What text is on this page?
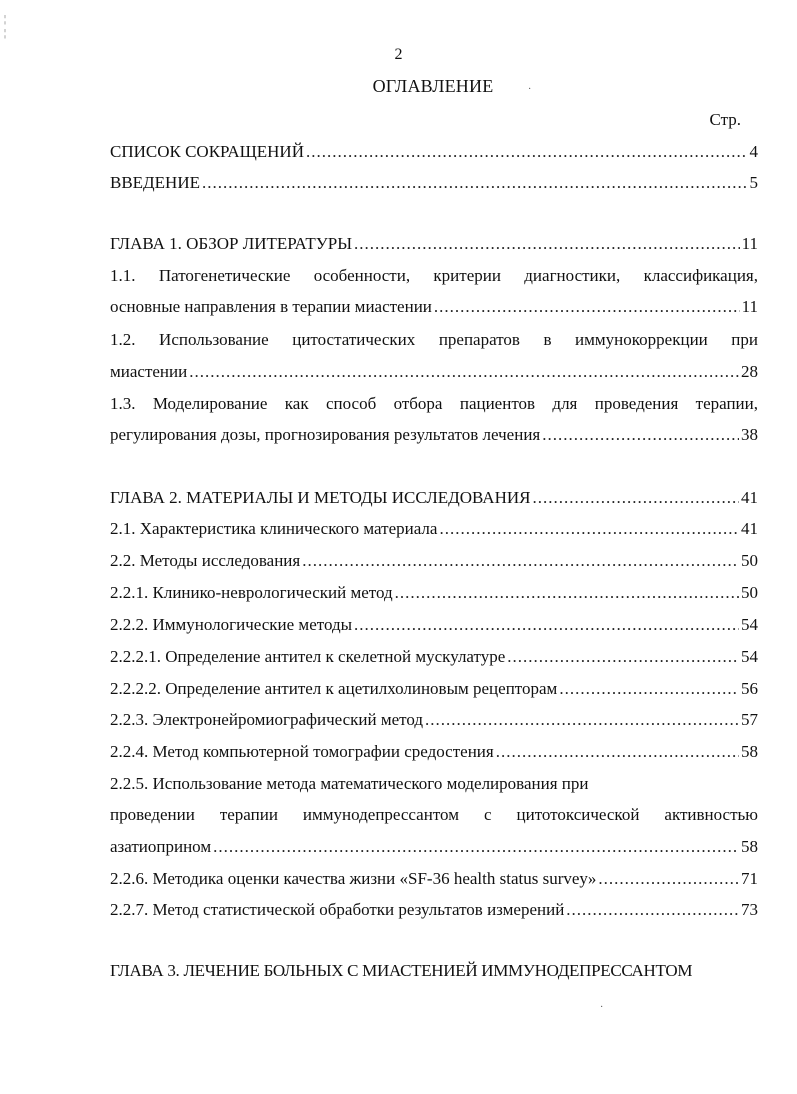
2
ОГЛАВЛЕНИЕ
Стр.
СПИСОК СОКРАЩЕНИЙ .....	4
ВВЕДЕНИЕ .....	5
ГЛАВА 1. ОБЗОР ЛИТЕРАТУРЫ .....	11
1.1. Патогенетические особенности, критерии диагностики, классификация,
основные направления в терапии миастении .....	11
1.2. Использование цитостатических препаратов в иммунокоррекции при
миастении .....	28
1.3. Моделирование как способ отбора пациентов для проведения терапии,
регулирования дозы, прогнозирования результатов лечения .....	38
ГЛАВА 2. МАТЕРИАЛЫ И МЕТОДЫ ИССЛЕДОВАНИЯ .....	41
2.1. Характеристика клинического материала .....	41
2.2. Методы исследования .....	50
2.2.1. Клинико-неврологический метод .....	50
2.2.2. Иммунологические методы .....	54
2.2.2.1. Определение антител к скелетной мускулатуре .....	54
2.2.2.2. Определение антител к ацетилхолиновым рецепторам .....	56
2.2.3. Электронейромиографический метод .....	57
2.2.4. Метод компьютерной томографии средостения .....	58
2.2.5. Использование метода математического моделирования при
проведении терапии иммунодепрессантом с цитотоксической активностью
азатиоприном .....	58
2.2.6. Методика оценки качества жизни «SF-36 health status survey» .....	71
2.2.7. Метод статистической обработки результатов измерений .....	73
ГЛАВА 3. ЛЕЧЕНИЕ БОЛЬНЫХ С МИАСТЕНИЕЙ ИММУНОДЕПРЕССАНТОМ
¦
¦
·
·
